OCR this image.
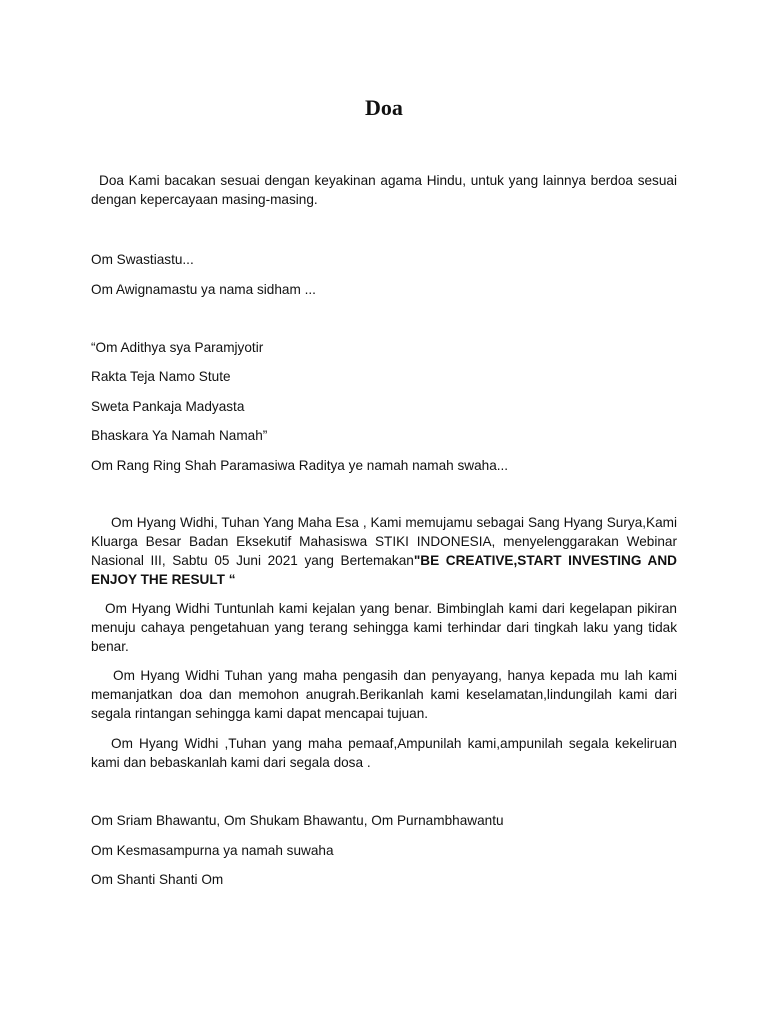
Doa

Doa Kami bacakan sesuai dengan keyakinan agama Hindu, untuk yang lainnya berdoa sesuai dengan kepercayaan masing-masing.

Om Swastiastu...

Om Awignamastu ya nama sidham ...

“Om Adithya sya Paramjyotir

Rakta Teja Namo Stute

Sweta Pankaja Madyasta

Bhaskara Ya Namah Namah”

Om Rang Ring Shah Paramasiwa Raditya ye namah namah swaha...

Om Hyang Widhi, Tuhan Yang Maha Esa , Kami memujamu sebagai Sang Hyang Surya,Kami Kluarga Besar Badan Eksekutif Mahasiswa STIKI INDONESIA, menyelenggarakan Webinar Nasional III, Sabtu 05 Juni 2021 yang Bertemakan"BE CREATIVE,START INVESTING AND ENJOY THE RESULT “

Om Hyang Widhi Tuntunlah kami kejalan yang benar. Bimbinglah kami dari kegelapan pikiran menuju cahaya pengetahuan yang terang sehingga kami terhindar dari tingkah laku yang tidak benar.

Om Hyang Widhi Tuhan yang maha pengasih dan penyayang, hanya kepada mu lah kami memanjatkan doa dan memohon anugrah.Berikanlah kami keselamatan,lindungilah kami dari segala rintangan sehingga kami dapat mencapai tujuan.

Om Hyang Widhi ,Tuhan yang maha pemaaf,Ampunilah kami,ampunilah segala kekeliruan kami dan bebaskanlah kami dari segala dosa .

Om Sriam Bhawantu, Om Shukam Bhawantu, Om Purnambhawantu

Om Kesmasampurna ya namah suwaha

Om Shanti Shanti Om
